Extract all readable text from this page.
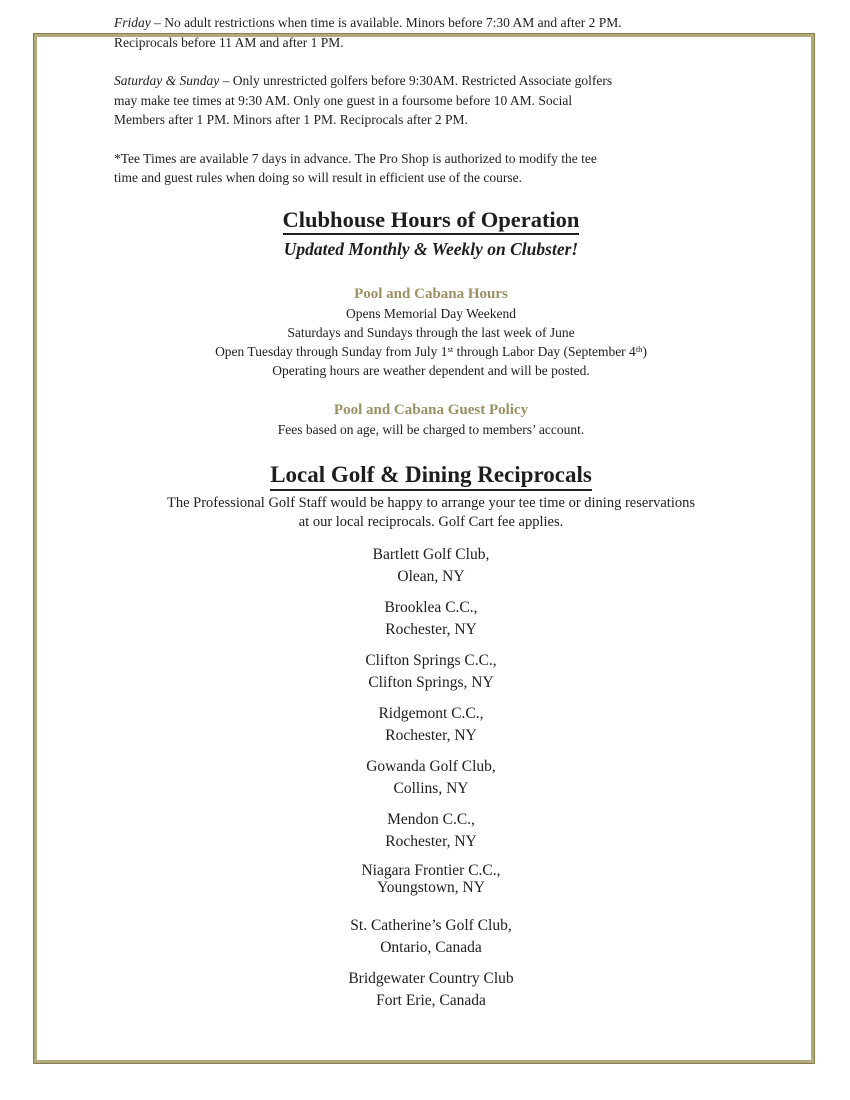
Friday – No adult restrictions when time is available. Minors before 7:30 AM and after 2 PM.
Reciprocals before 11 AM and after 1 PM.

Saturday & Sunday – Only unrestricted golfers before 9:30AM. Restricted Associate golfers
may make tee times at 9:30 AM. Only one guest in a foursome before 10 AM. Social
Members after 1 PM. Minors after 1 PM. Reciprocals after 2 PM.

*Tee Times are available 7 days in advance. The Pro Shop is authorized to modify the tee
time and guest rules when doing so will result in efficient use of the course.

Clubhouse Hours of Operation
Updated Monthly & Weekly on Clubster!
Pool and Cabana Hours
Opens Memorial Day Weekend
Saturdays and Sundays through the last week of June
Open Tuesday through Sunday from July 1st through Labor Day (September 4th)
Operating hours are weather dependent and will be posted.
Pool and Cabana Guest Policy
Fees based on age, will be charged to members’ account.
Local Golf & Dining Reciprocals
The Professional Golf Staff would be happy to arrange your tee time or dining reservations
at our local reciprocals. Golf Cart fee applies.
Bartlett Golf Club,
Olean, NY
Brooklea C.C.,
Rochester, NY
Clifton Springs C.C.,
Clifton Springs, NY
Ridgemont C.C.,
Rochester, NY
Gowanda Golf Club,
Collins, NY
Mendon C.C.,
Rochester, NY
Niagara Frontier C.C.,
Youngstown, NY
St. Catherine’s Golf Club,
Ontario, Canada
Bridgewater Country Club
Fort Erie, Canada
